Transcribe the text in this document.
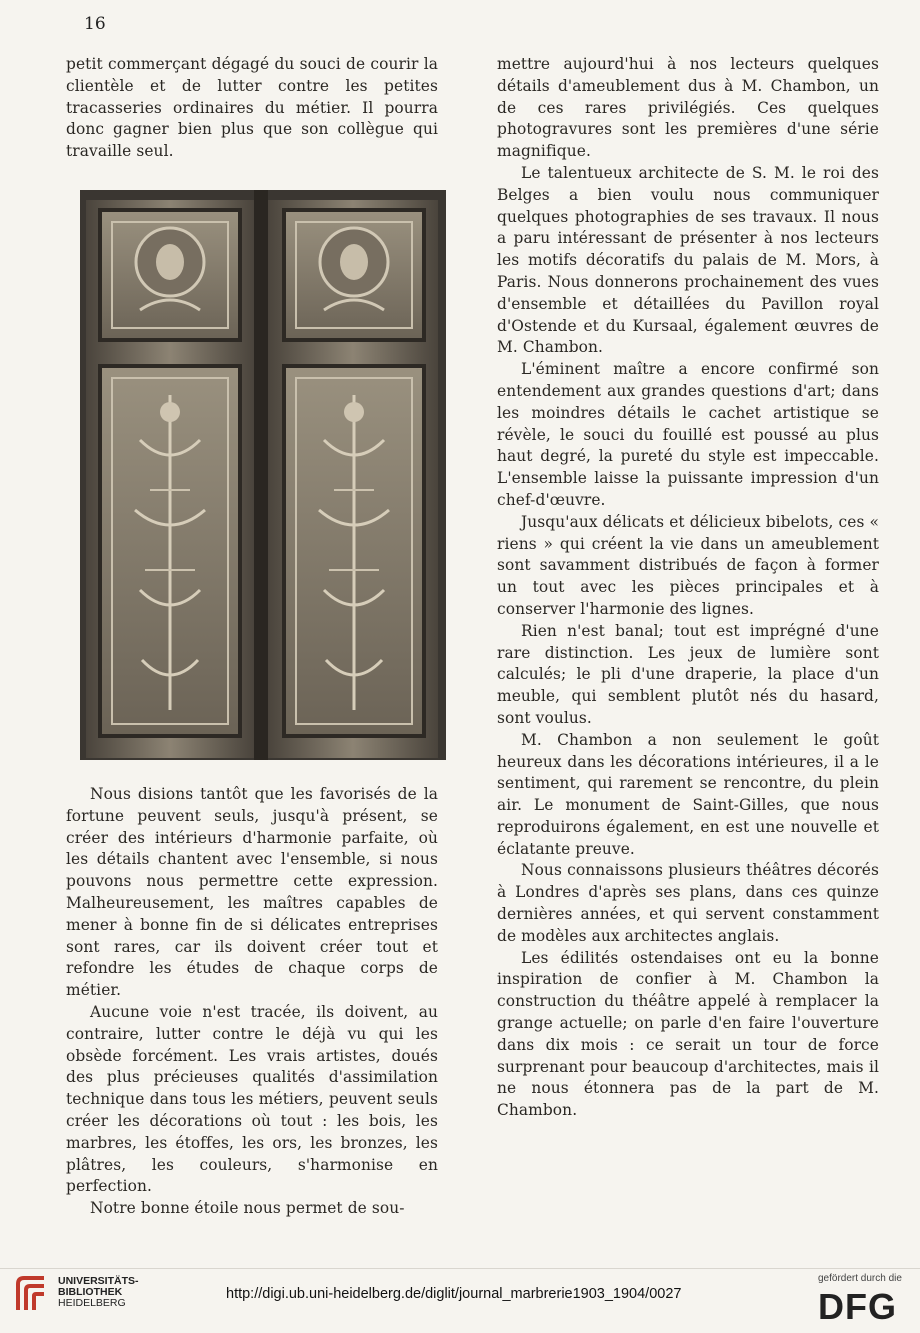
16

petit commerçant dégagé du souci de courir la clientèle et de lutter contre les petites tracasseries ordinaires du métier. Il pourra donc gagner bien plus que son collègue qui travaille seul.

Nous disions tantôt que les favorisés de la fortune peuvent seuls, jusqu'à présent, se créer des intérieurs d'harmonie parfaite, où les détails chantent avec l'ensemble, si nous pouvons nous permettre cette expression. Malheureusement, les maîtres capables de mener à bonne fin de si délicates entreprises sont rares, car ils doivent créer tout et refondre les études de chaque corps de métier.

Aucune voie n'est tracée, ils doivent, au contraire, lutter contre le déjà vu qui les obsède forcément. Les vrais artistes, doués des plus précieuses qualités d'assimilation technique dans tous les métiers, peuvent seuls créer les décorations où tout : les bois, les marbres, les étoffes, les ors, les bronzes, les plâtres, les couleurs, s'harmonise en perfection.

Notre bonne étoile nous permet de sou-

mettre aujourd'hui à nos lecteurs quelques détails d'ameublement dus à M. Chambon, un de ces rares privilégiés. Ces quelques photogravures sont les premières d'une série magnifique.

Le talentueux architecte de S. M. le roi des Belges a bien voulu nous communiquer quelques photographies de ses travaux. Il nous a paru intéressant de présenter à nos lecteurs les motifs décoratifs du palais de M. Mors, à Paris. Nous donnerons prochainement des vues d'ensemble et détaillées du Pavillon royal d'Ostende et du Kursaal, également œuvres de M. Chambon.

L'éminent maître a encore confirmé son entendement aux grandes questions d'art; dans les moindres détails le cachet artistique se révèle, le souci du fouillé est poussé au plus haut degré, la pureté du style est impeccable. L'ensemble laisse la puissante impression d'un chef-d'œuvre.

Jusqu'aux délicats et délicieux bibelots, ces « riens » qui créent la vie dans un ameublement sont savamment distribués de façon à former un tout avec les pièces principales et à conserver l'harmonie des lignes.

Rien n'est banal; tout est imprégné d'une rare distinction. Les jeux de lumière sont calculés; le pli d'une draperie, la place d'un meuble, qui semblent plutôt nés du hasard, sont voulus.

M. Chambon a non seulement le goût heureux dans les décorations intérieures, il a le sentiment, qui rarement se rencontre, du plein air. Le monument de Saint-Gilles, que nous reproduirons également, en est une nouvelle et éclatante preuve.

Nous connaissons plusieurs théâtres décorés à Londres d'après ses plans, dans ces quinze dernières années, et qui servent constamment de modèles aux architectes anglais.

Les édilités ostendaises ont eu la bonne inspiration de confier à M. Chambon la construction du théâtre appelé à remplacer la grange actuelle; on parle d'en faire l'ouverture dans dix mois : ce serait un tour de force surprenant pour beaucoup d'architectes, mais il ne nous étonnera pas de la part de M. Chambon.

UNIVERSITÄTS-
BIBLIOTHEK
HEIDELBERG
http://digi.ub.uni-heidelberg.de/diglit/journal_marbrerie1903_1904/0027
gefördert durch die
DFG
